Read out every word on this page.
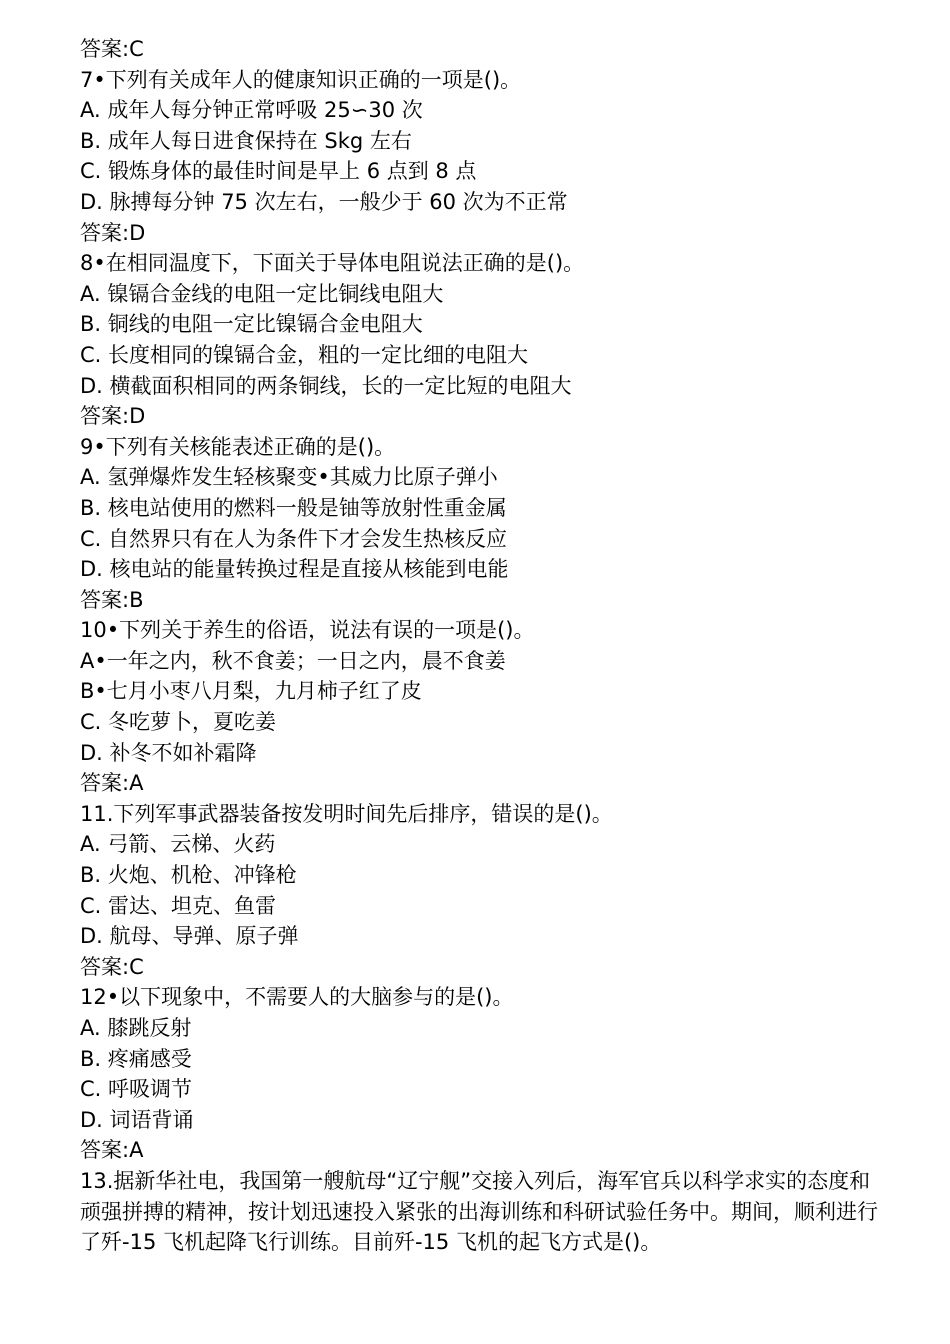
答案:C
7•下列有关成年人的健康知识正确的一项是()。
A. 成年人每分钟正常呼吸 25∽30 次
B. 成年人每日进食保持在 Skg 左右
C. 锻炼身体的最佳时间是早上 6 点到 8 点
D. 脉搏每分钟 75 次左右，一般少于 60 次为不正常
答案:D
8•在相同温度下，下面关于导体电阻说法正确的是()。
A. 镍镉合金线的电阻一定比铜线电阻大
B. 铜线的电阻一定比镍镉合金电阻大
C. 长度相同的镍镉合金，粗的一定比细的电阻大
D. 横截面积相同的两条铜线，长的一定比短的电阻大
答案:D
9•下列有关核能表述正确的是()。
A. 氢弹爆炸发生轻核聚变•其威力比原子弹小
B. 核电站使用的燃料一般是铀等放射性重金属
C. 自然界只有在人为条件下才会发生热核反应
D. 核电站的能量转换过程是直接从核能到电能
答案:B
10•下列关于养生的俗语，说法有误的一项是()。
A•一年之内，秋不食姜；一日之内，晨不食姜
B•七月小枣八月梨，九月柿子红了皮
C. 冬吃萝卜，夏吃姜
D. 补冬不如补霜降
答案:A
11.下列军事武器装备按发明时间先后排序，错误的是()。
A. 弓箭、云梯、火药
B. 火炮、机枪、冲锋枪
C. 雷达、坦克、鱼雷
D. 航母、导弹、原子弹
答案:C
12•以下现象中，不需要人的大脑参与的是()。
A. 膝跳反射
B. 疼痛感受
C. 呼吸调节
D. 词语背诵
答案:A
13.据新华社电，我国第一艘航母“辽宁舰”交接入列后，海军官兵以科学求实的态度和顽强拼搏的精神，按计划迅速投入紧张的出海训练和科研试验任务中。期间，顺利进行了歼-15 飞机起降飞行训练。目前歼-15 飞机的起飞方式是()。
